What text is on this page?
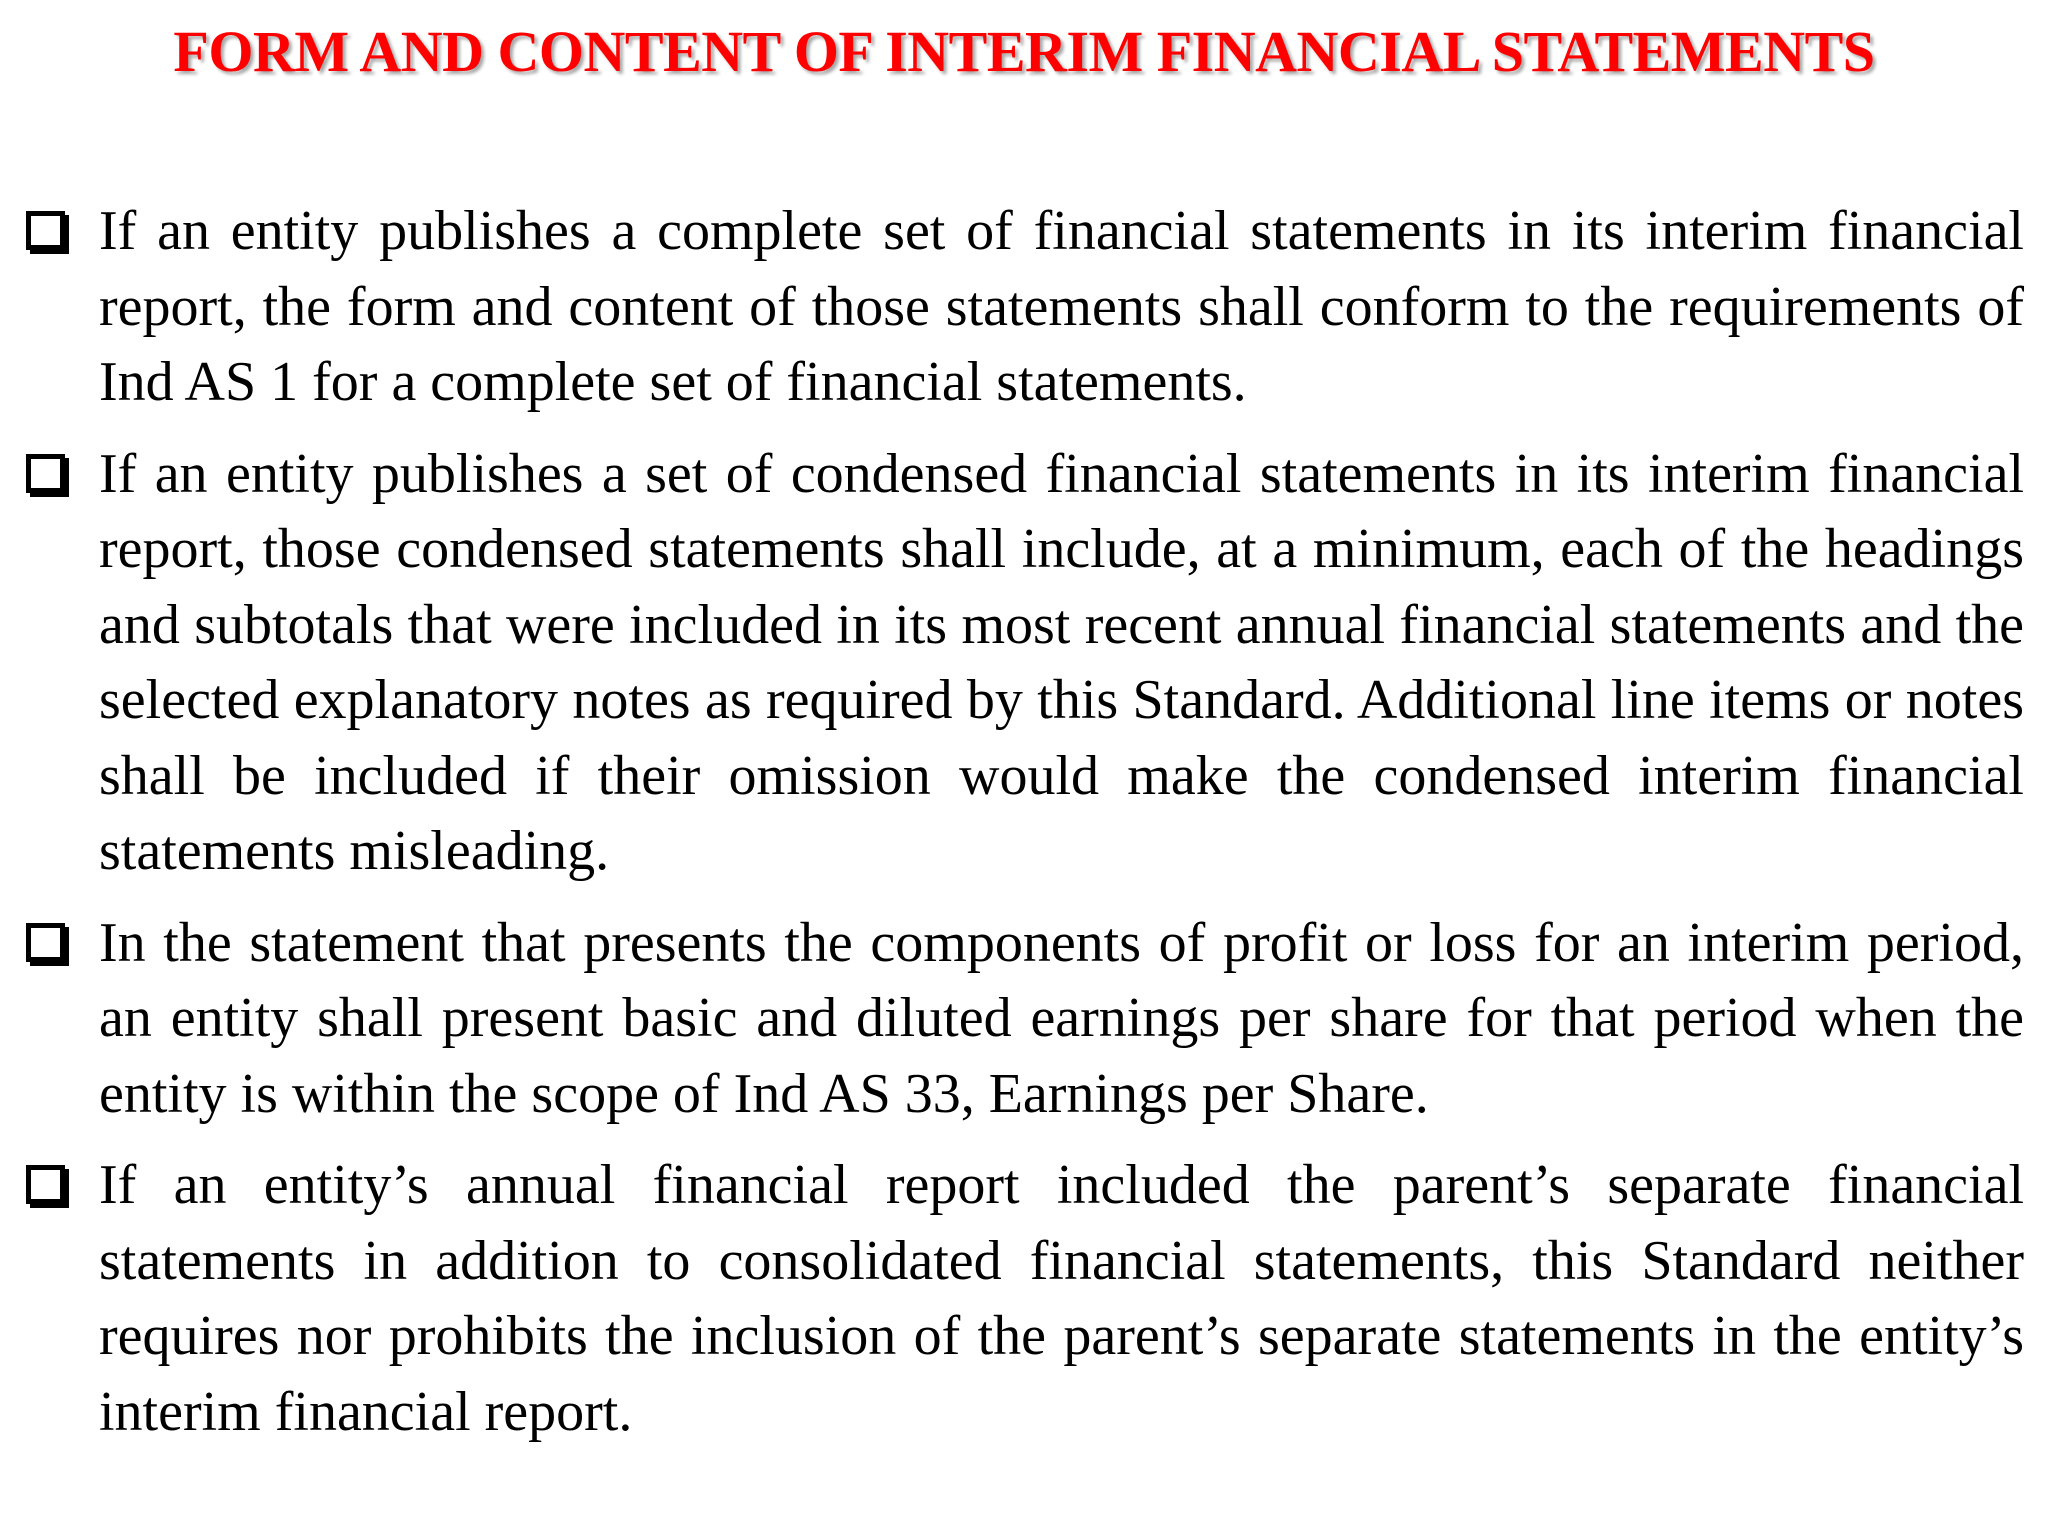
FORM AND CONTENT OF INTERIM FINANCIAL STATEMENTS
If an entity publishes a complete set of financial statements in its interim financial report, the form and content of those statements shall conform to the requirements of Ind AS 1 for a complete set of financial statements.
If an entity publishes a set of condensed financial statements in its interim financial report, those condensed statements shall include, at a minimum, each of the headings and subtotals that were included in its most recent annual financial statements and the selected explanatory notes as required by this Standard. Additional line items or notes shall be included if their omission would make the condensed interim financial statements misleading.
In the statement that presents the components of profit or loss for an interim period, an entity shall present basic and diluted earnings per share for that period when the entity is within the scope of Ind AS 33, Earnings per Share.
If an entity’s annual financial report included the parent’s separate financial statements in addition to consolidated financial statements, this Standard neither requires nor prohibits the inclusion of the parent’s separate statements in the entity’s interim financial report.
